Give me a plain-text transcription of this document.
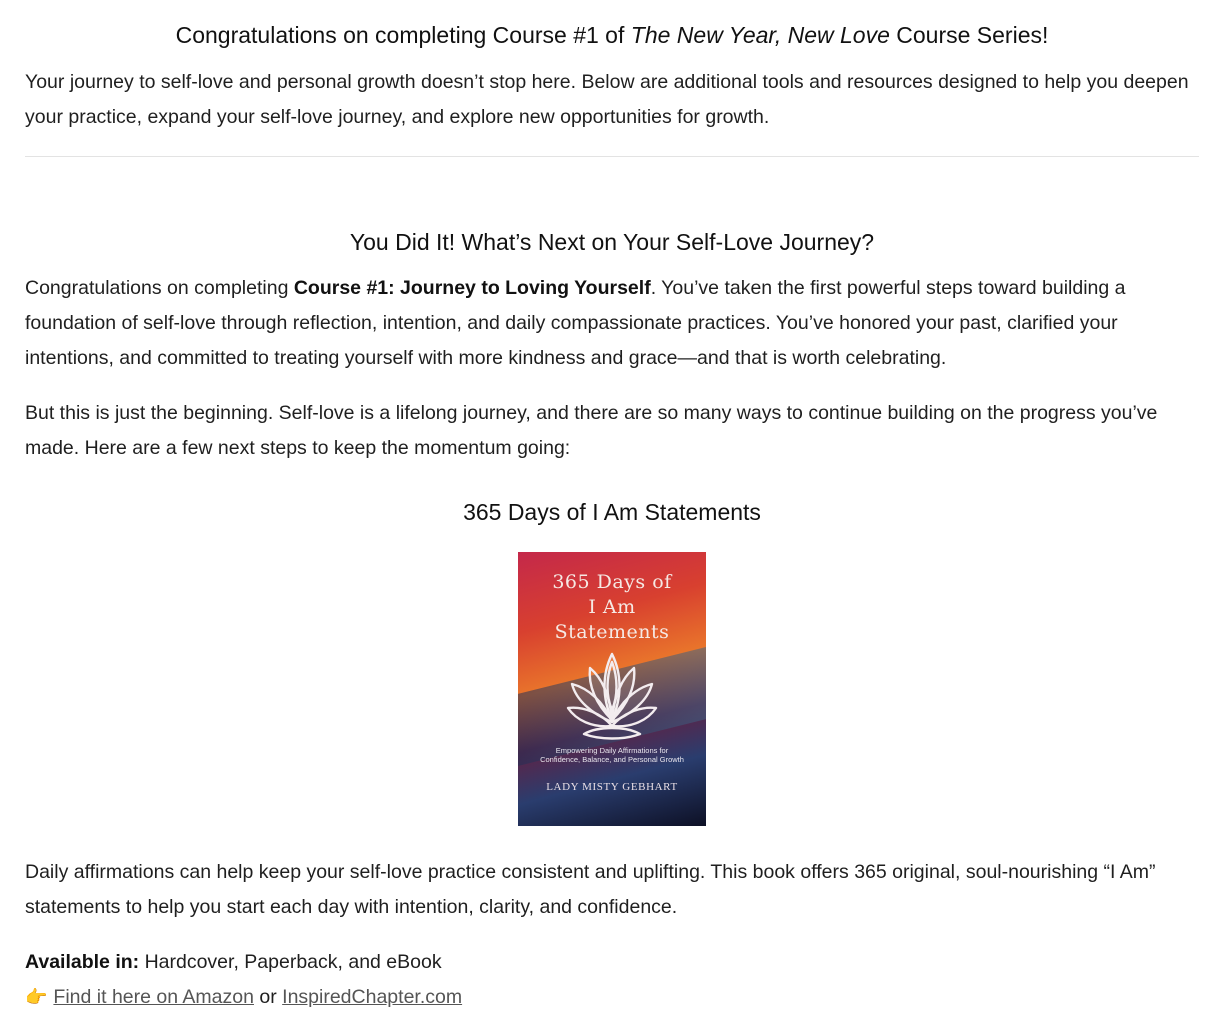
Congratulations on completing Course #1 of The New Year, New Love Course Series!

Your journey to self-love and personal growth doesn’t stop here. Below are additional tools and resources designed to help you deepen your practice, expand your self-love journey, and explore new opportunities for growth.

You Did It! What’s Next on Your Self-Love Journey?

Congratulations on completing Course #1: Journey to Loving Yourself. You’ve taken the first powerful steps toward building a foundation of self-love through reflection, intention, and daily compassionate practices. You’ve honored your past, clarified your intentions, and committed to treating yourself with more kindness and grace—and that is worth celebrating.

But this is just the beginning. Self-love is a lifelong journey, and there are so many ways to continue building on the progress you’ve made. Here are a few next steps to keep the momentum going:

365 Days of I Am Statements
365 Days of
I Am
Statements
Empowering Daily Affirmations for Confidence, Balance, and Personal Growth
LADY MISTY GEBHART

Daily affirmations can help keep your self-love practice consistent and uplifting. This book offers 365 original, soul-nourishing “I Am” statements to help you start each day with intention, clarity, and confidence.

Available in: Hardcover, Paperback, and eBook

👉 Find it here on Amazon or InspiredChapter.com
